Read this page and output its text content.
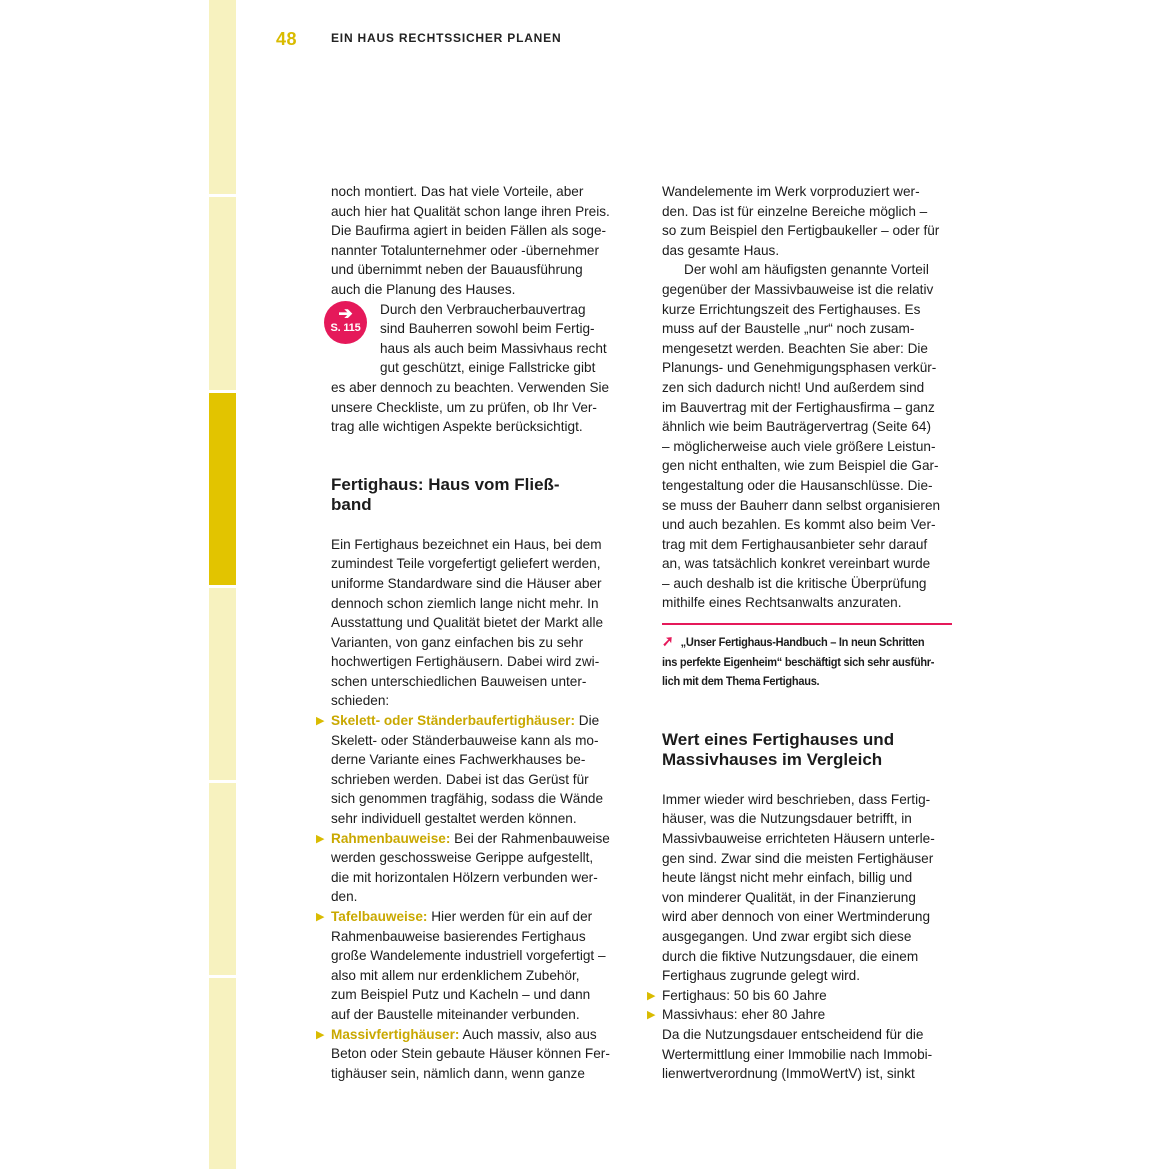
48	EIN HAUS RECHTSSICHER PLANEN
noch montiert. Das hat viele Vorteile, aber
auch hier hat Qualität schon lange ihren Preis.
Die Baufirma agiert in beiden Fällen als soge-
nannter Totalunternehmer oder -übernehmer
und übernimmt neben der Bauausführung
auch die Planung des Hauses.
➔
S. 115
Durch den Verbraucherbauvertrag
sind Bauherren sowohl beim Fertig-
haus als auch beim Massivhaus recht
gut geschützt, einige Fallstricke gibt
es aber dennoch zu beachten. Verwenden Sie
unsere Checkliste, um zu prüfen, ob Ihr Ver-
trag alle wichtigen Aspekte berücksichtigt.
Fertighaus: Haus vom Fließ-
band
Ein Fertighaus bezeichnet ein Haus, bei dem
zumindest Teile vorgefertigt geliefert werden,
uniforme Standardware sind die Häuser aber
dennoch schon ziemlich lange nicht mehr. In
Ausstattung und Qualität bietet der Markt alle
Varianten, von ganz einfachen bis zu sehr
hochwertigen Fertighäusern. Dabei wird zwi-
schen unterschiedlichen Bauweisen unter-
schieden:
▶ Skelett- oder Ständerbaufertighäuser: Die
Skelett- oder Ständerbauweise kann als mo-
derne Variante eines Fachwerkhauses be-
schrieben werden. Dabei ist das Gerüst für
sich genommen tragfähig, sodass die Wände
sehr individuell gestaltet werden können.
▶ Rahmenbauweise: Bei der Rahmenbauweise
werden geschossweise Gerippe aufgestellt,
die mit horizontalen Hölzern verbunden wer-
den.
▶ Tafelbauweise: Hier werden für ein auf der
Rahmenbauweise basierendes Fertighaus
große Wandelemente industriell vorgefertigt –
also mit allem nur erdenklichem Zubehör,
zum Beispiel Putz und Kacheln – und dann
auf der Baustelle miteinander verbunden.
▶ Massivfertighäuser: Auch massiv, also aus
Beton oder Stein gebaute Häuser können Fer-
tighäuser sein, nämlich dann, wenn ganze
Wandelemente im Werk vorproduziert wer-
den. Das ist für einzelne Bereiche möglich –
so zum Beispiel den Fertigbaukeller – oder für
das gesamte Haus.
Der wohl am häufigsten genannte Vorteil
gegenüber der Massivbauweise ist die relativ
kurze Errichtungszeit des Fertighauses. Es
muss auf der Baustelle „nur“ noch zusam-
mengesetzt werden. Beachten Sie aber: Die
Planungs- und Genehmigungsphasen verkür-
zen sich dadurch nicht! Und außerdem sind
im Bauvertrag mit der Fertighausfirma – ganz
ähnlich wie beim Bauträgervertrag (Seite 64)
– möglicherweise auch viele größere Leistun-
gen nicht enthalten, wie zum Beispiel die Gar-
tengestaltung oder die Hausanschlüsse. Die-
se muss der Bauherr dann selbst organisieren
und auch bezahlen. Es kommt also beim Ver-
trag mit dem Fertighausanbieter sehr darauf
an, was tatsächlich konkret vereinbart wurde
– auch deshalb ist die kritische Überprüfung
mithilfe eines Rechtsanwalts anzuraten.
➚ „Unser Fertighaus-Handbuch – In neun Schritten
ins perfekte Eigenheim“ beschäftigt sich sehr ausführ-
lich mit dem Thema Fertighaus.
Wert eines Fertighauses und
Massivhauses im Vergleich
Immer wieder wird beschrieben, dass Fertig-
häuser, was die Nutzungsdauer betrifft, in
Massivbauweise errichteten Häusern unterle-
gen sind. Zwar sind die meisten Fertighäuser
heute längst nicht mehr einfach, billig und
von minderer Qualität, in der Finanzierung
wird aber dennoch von einer Wertminderung
ausgegangen. Und zwar ergibt sich diese
durch die fiktive Nutzungsdauer, die einem
Fertighaus zugrunde gelegt wird.
▶ Fertighaus: 50 bis 60 Jahre
▶ Massivhaus: eher 80 Jahre
Da die Nutzungsdauer entscheidend für die
Wertermittlung einer Immobilie nach Immobi-
lienwertverordnung (ImmoWertV) ist, sinkt
